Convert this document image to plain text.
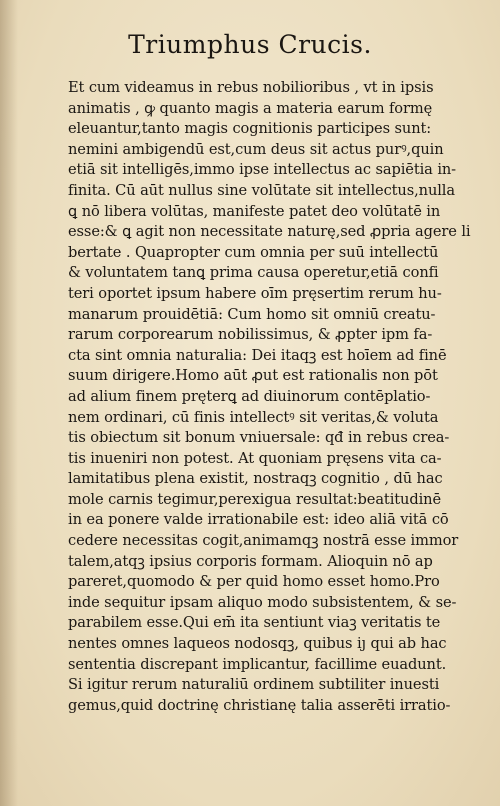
Triumphus Crucis.
Et cum videamus in rebus nobilioribus , vt in ipsis
animatis , ꝙ quanto magis a materia earum formę
eleuantur,tanto magis cognitionis participes sunt:
nemini ambigendū est,cum deus sit actus purꝰ,quin
etiā sit intelligēs,immo ipse intellectus ac sapiētia in-
finita. Cū aūt nullus sine volūtate sit intellectus,nulla
ꝗ nō libera volūtas, manifeste patet deo volūtatē in
esse:& ꝗ agit non necessitate naturę,sed ꝓpria agere li
bertate . Quapropter cum omnia per suū intellectū
& voluntatem tanꝗ prima causa operetur,etiā confi
teri oportet ipsum habere oīm pręsertim rerum hu-
manarum prouidētiā: Cum homo sit omniū creatu-
rarum corporearum nobilissimus, & ꝓpter ipm fa-
cta sint omnia naturalia: Dei itaqꝫ est hoīem ad finē
suum dirigere.Homo aūt ꝓut est rationalis non pōt
ad alium finem pręterꝗ ad diuinorum contēplatio-
nem ordinari, cū finis intellectꝰ sit veritas,& voluta
tis obiectum sit bonum vniuersale: qđ in rebus crea-
tis inueniri non potest. At quoniam pręsens vita ca-
lamitatibus plena existit, nostraqꝫ cognitio , dū hac
mole carnis tegimur,perexigua resultat:beatitudinē
in ea ponere valde irrationabile est: ideo aliā vitā cō
cedere necessitas cogit,animamqꝫ nostrā esse immor
talem,atqꝫ ipsius corporis formam. Alioquin nō ap
pareret,quomodo & per quid homo esset homo.Pro
inde sequitur ipsam aliquo modo subsistentem, & se-
parabilem esse.Qui em̄ ita sentiunt viaꝫ veritatis te
nentes omnes laqueos nodosqꝫ, quibus iȷ qui ab hac
sententia discrepant implicantur, facillime euadunt.
Si igitur rerum naturaliū ordinem subtiliter inuesti
gemus,quid doctrinę christianę talia asserēti irratio-
